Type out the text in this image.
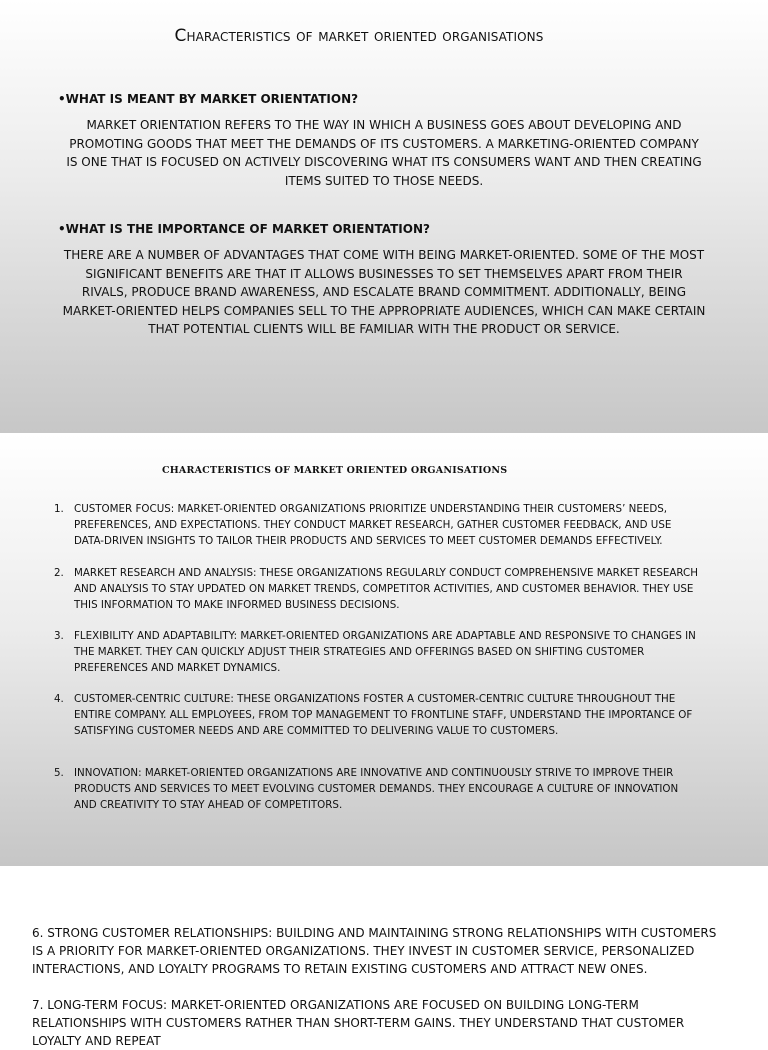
Characteristics of market oriented organisations
•WHAT IS MEANT BY MARKET ORIENTATION?
MARKET ORIENTATION REFERS TO THE WAY IN WHICH A BUSINESS GOES ABOUT DEVELOPING AND PROMOTING GOODS THAT MEET THE DEMANDS OF ITS CUSTOMERS. A MARKETING-ORIENTED COMPANY IS ONE THAT IS FOCUSED ON ACTIVELY DISCOVERING WHAT ITS CONSUMERS WANT AND THEN CREATING ITEMS SUITED TO THOSE NEEDS.
•WHAT IS THE IMPORTANCE OF MARKET ORIENTATION?
THERE ARE A NUMBER OF ADVANTAGES THAT COME WITH BEING MARKET-ORIENTED. SOME OF THE MOST SIGNIFICANT BENEFITS ARE THAT IT ALLOWS BUSINESSES TO SET THEMSELVES APART FROM THEIR RIVALS, PRODUCE BRAND AWARENESS, AND ESCALATE BRAND COMMITMENT. ADDITIONALLY, BEING MARKET-ORIENTED HELPS COMPANIES SELL TO THE APPROPRIATE AUDIENCES, WHICH CAN MAKE CERTAIN THAT POTENTIAL CLIENTS WILL BE FAMILIAR WITH THE PRODUCT OR SERVICE.
CHARACTERISTICS OF MARKET ORIENTED ORGANISATIONS
1. CUSTOMER FOCUS: MARKET-ORIENTED ORGANIZATIONS PRIORITIZE UNDERSTANDING THEIR CUSTOMERS’ NEEDS, PREFERENCES, AND EXPECTATIONS. THEY CONDUCT MARKET RESEARCH, GATHER CUSTOMER FEEDBACK, AND USE DATA-DRIVEN INSIGHTS TO TAILOR THEIR PRODUCTS AND SERVICES TO MEET CUSTOMER DEMANDS EFFECTIVELY.
2. MARKET RESEARCH AND ANALYSIS: THESE ORGANIZATIONS REGULARLY CONDUCT COMPREHENSIVE MARKET RESEARCH AND ANALYSIS TO STAY UPDATED ON MARKET TRENDS, COMPETITOR ACTIVITIES, AND CUSTOMER BEHAVIOR. THEY USE THIS INFORMATION TO MAKE INFORMED BUSINESS DECISIONS.
3. FLEXIBILITY AND ADAPTABILITY: MARKET-ORIENTED ORGANIZATIONS ARE ADAPTABLE AND RESPONSIVE TO CHANGES IN THE MARKET. THEY CAN QUICKLY ADJUST THEIR STRATEGIES AND OFFERINGS BASED ON SHIFTING CUSTOMER PREFERENCES AND MARKET DYNAMICS.
4. CUSTOMER-CENTRIC CULTURE: THESE ORGANIZATIONS FOSTER A CUSTOMER-CENTRIC CULTURE THROUGHOUT THE ENTIRE COMPANY. ALL EMPLOYEES, FROM TOP MANAGEMENT TO FRONTLINE STAFF, UNDERSTAND THE IMPORTANCE OF SATISFYING CUSTOMER NEEDS AND ARE COMMITTED TO DELIVERING VALUE TO CUSTOMERS.
5. INNOVATION: MARKET-ORIENTED ORGANIZATIONS ARE INNOVATIVE AND CONTINUOUSLY STRIVE TO IMPROVE THEIR PRODUCTS AND SERVICES TO MEET EVOLVING CUSTOMER DEMANDS. THEY ENCOURAGE A CULTURE OF INNOVATION AND CREATIVITY TO STAY AHEAD OF COMPETITORS.
6. STRONG CUSTOMER RELATIONSHIPS: BUILDING AND MAINTAINING STRONG RELATIONSHIPS WITH CUSTOMERS IS A PRIORITY FOR MARKET-ORIENTED ORGANIZATIONS. THEY INVEST IN CUSTOMER SERVICE, PERSONALIZED INTERACTIONS, AND LOYALTY PROGRAMS TO RETAIN EXISTING CUSTOMERS AND ATTRACT NEW ONES.
7. LONG-TERM FOCUS: MARKET-ORIENTED ORGANIZATIONS ARE FOCUSED ON BUILDING LONG-TERM RELATIONSHIPS WITH CUSTOMERS RATHER THAN SHORT-TERM GAINS. THEY UNDERSTAND THAT CUSTOMER LOYALTY AND REPEAT
